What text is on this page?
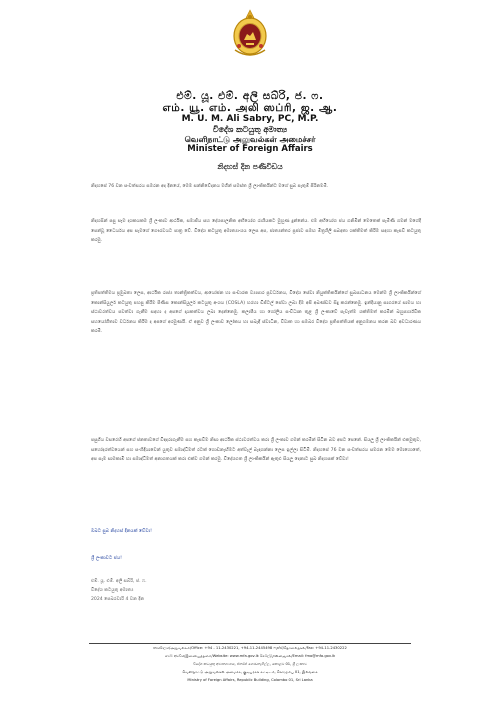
එම්. යූ. එම්. අලි සබ්රි, ජ. ෆ.
எம். யூ. எம். அலி ஸப்ரி, ஜ. ஆ.
M. U. M. Ali Sabry, PC, M.P.
විදේශ කටයුතු අමාත්‍ය
வெளிநாட்டு அலுவல்கள் அமைச்சர்
Minister of Foreign Affairs
නිදහස් දින පණිවිඩය
නිදහසේ 76 වන සංවත්සරය සමරන අද දිනයේ, මෙම සන්නිවේදනය මගින් සමස්ත ශ්‍රී ලාංකිකයින්ට මගේ සුබ පැතුම් පිරිනමමි.
නිදහසින් පසු සෑම දශකයකම ශ්‍රී ලංකාව ආර්ථික, සමාජීය සහ දේශපාලනික අභියෝග රාශියකට මුහුණ දුන්නේය. එම අභියෝග ජය ගනිමින් මෙතෙක් පැමිණි ගමන් මගේදී පෙන්වූ ධෛර්යය අප සැමගේ ගෞරවයට පාත්‍ර වේ. විදේශ කටයුතු අමාත්‍යාංශය ලෙස අප, ජාත්‍යන්තර ප්‍රජාව සමඟ මිත්‍රශීලී සබඳතා ශක්තිමත් කිරීම සඳහා කැපවී කටයුතු කරමු.
ප්‍රතිපත්තිමය ප්‍රමුඛතා ලෙස, ආර්ථික රාජ්‍ය තාන්ත්‍රිකත්වය, ආයෝජන හා සංචාරක ව්‍යාපාර ප්‍රවර්ධනය, විදේශ සේවා නියුක්තිකයින්ගේ සුබසාධනය මෙන්ම ශ්‍රී ලාංකිකයින්ගේ කොන්සියුලර් කටයුතු පහසු කිරීම පිණිස කොන්සියුලර් කටයුතු අංශය (COSLA) හරහා ඩිජිටල් සේවා ලබා දීම අපි අඛණ්ඩව සිදු කරන්නෙමු. ඉන්දියානු සාගරයේ සාමය හා ස්ථාවරත්වය පවත්වා ගැනීම සඳහා ද අපගේ දායකත්වය ලබා දෙන්නෙමු. කලාපීය හා ගෝලීය සංවිධාන තුළ ශ්‍රී ලංකාවේ පැවැත්ම ශක්තිමත් කරමින් බහුපාර්ශ්වික සහයෝගීතාව වර්ධනය කිරීම ද අපගේ අරමුණයි. ඒ අනුව ශ්‍රී ලංකාව ලෝකය හා සබැඳි ස්වාධීන, විවෘත හා සමබර විදේශ ප්‍රතිපත්තියක් අනුගමනය කරන බව අවධාරණය කරමි.
පසුගිය වසරෙහි අපගේ ජනතාවගේ විඳදරාගැනීම සහ කැපවීම නිසා ආර්ථික ස්ථාවරත්වය කරා ශ්‍රී ලංකාව ගමන් කරමින් සිටින බව අපට පෙනේ. සියලු ශ්‍රී ලාංකිකයින් එකමුතුව, සහෝදරත්වයෙන් සහ සංහිඳියාවෙන් යුතුව සමෘද්ධිමත් රටක් ගොඩනැඟීමට අත්වැල් බැඳගන්නා ලෙස ඉල්ලා සිටිමි. නිදහසේ 76 වන සංවත්සරය සමරන මෙම මොහොතේ, අප සැම සාමකාමී හා සමෘද්ධිමත් අනාගතයක් කරා එක්ව ගමන් කරමු. විදේශගත ශ්‍රී ලාංකිකයින් ඇතුළු සියලු දෙනාට සුබ නිදහසක් වේවා!
ඔබට සුබ නිදහස් දිනයක් වේවා!
ශ්‍රී ලංකාවට ජය!
එම්. යූ. එම්. අලි සබ්රි, ජ. ෆ.
විදේශ කටයුතු අමාත්‍ය
2024 පෙබරවාරි 4 වන දින
කාර්යාලය/அலுவலகம்/Office: +94 - 11-2430221, +94-11-2445498 ෆැක්ස්/தொலைநகல்/Fax: +94-11-2430222
වෙබ් අඩවිය/இணையத்தளம்/Website: www.mfa.gov.lk ඊමේල්/மின்னஞ்சல்/Email: fmo@mfa.gov.lk
විදේශ කටයුතු අමාත්‍යාංශය, ජනරජ ගොඩනැගිල්ල, කොළඹ 01, ශ්‍රී ලංකාව
வெளிநாட்டு அலுவல்கள் அமைச்சு, குடியரசுக் கட்டிடம், கொழும்பு 01, இலங்கை
Ministry of Foreign Affairs, Republic Building, Colombo 01, Sri Lanka
